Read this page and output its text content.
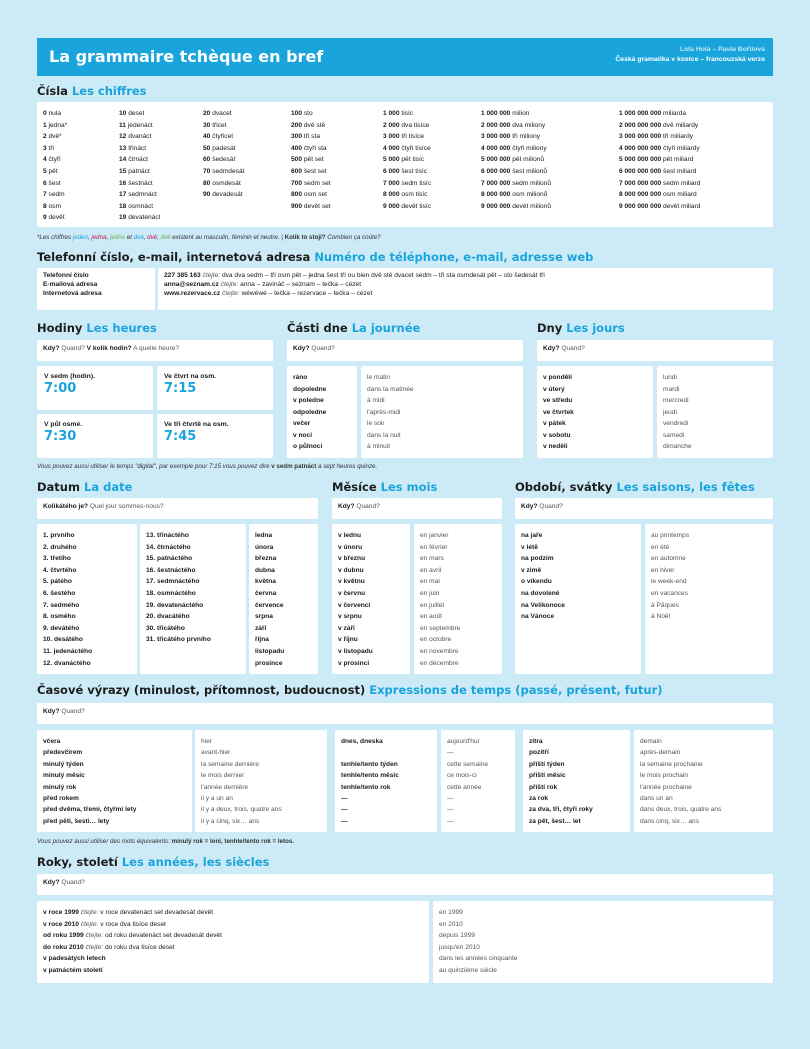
La grammaire tchèque en bref	Lida Holá – Pavla Bořilová
Česká gramatika v kostce – francouzská verze
Čísla Les chiffres
0 nula
1 jedna*
2 dvě*
3 tři
4 čtyři
5 pět
6 šest
7 sedm
8 osm
9 devět
10 deset
11 jedenáct
12 dvanáct
13 třináct
14 čtrnáct
15 patnáct
16 šestnáct
17 sedmnáct
18 osmnáct
19 devatenáct
20 dvacet
30 třicet
40 čtyřicet
50 padesát
60 šedesát
70 sedmdesát
80 osmdesát
90 devadesát
100 sto
200 dvě stě
300 tři sta
400 čtyři sta
500 pět set
600 šest set
700 sedm set
800 osm set
900 devět set
1 000 tisíc
2 000 dva tisíce
3 000 tři tisíce
4 000 čtyři tisíce
5 000 pět tisíc
6 000 šest tisíc
7 000 sedm tisíc
8 000 osm tisíc
9 000 devět tisíc
1 000 000 milion
2 000 000 dva miliony
3 000 000 tři miliony
4 000 000 čtyři miliony
5 000 000 pět milionů
6 000 000 šest milionů
7 000 000 sedm milionů
8 000 000 osm milionů
9 000 000 devět milionů
1 000 000 000 miliarda
2 000 000 000 dvě miliardy
3 000 000 000 tři miliardy
4 000 000 000 čtyři miliardy
5 000 000 000 pět miliard
6 000 000 000 šest miliard
7 000 000 000 sedm miliard
8 000 000 000 osm miliard
9 000 000 000 devět miliard
*Les chiffres jeden, jedna, jedno et dva, dvě, dvě existent au masculin, féminin et neutre. | Kolik to stojí? Combien ça coûte?
Telefonní číslo, e-mail, internetová adresa Numéro de téléphone, e-mail, adresse web
Telefonní číslo
E-mailová adresa
Internetová adresa
227 385 163 čtejte: dva dva sedm – tři osm pět – jedna šest tři ou bien dvě stě dvacet sedm – tři sta osmdesát pět – sto šedesát tři
anna@seznam.cz čtejte: anna – zavináč – seznam – tečka – cézet
www.rezervace.cz čtejte: wéwéwé – tečka – rezervace – tečka – cézet
Hodiny Les heures
Kdy? Quand? V kolik hodin? A quelle heure?
V sedm (hodin).
7:00
Ve čtvrt na osm.
7:15
V půl osmé.
7:30
Ve tři čtvrtě na osm.
7:45
Části dne La journée
Kdy? Quand?
ráno
dopoledne
v poledne
odpoledne
večer
v noci
o půlnoci
le matin
dans la matinée
à midi
l'après-midi
le soir
dans la nuit
à minuit
Dny Les jours
Kdy? Quand?
v pondělí
v úterý
ve středu
ve čtvrtek
v pátek
v sobotu
v neděli
lundi
mardi
mercredi
jeudi
vendredi
samedi
dimanche
Vous pouvez aussi utiliser le temps "digital", par exemple pour 7:15 vous pouvez dire v sedm patnáct à sept heures quinze.
Datum La date
Kolikátého je? Quel jour sommes-nous?
1. prvního
2. druhého
3. třetího
4. čtvrtého
5. pátého
6. šestého
7. sedmého
8. osmého
9. devátého
10. desátého
11. jedenáctého
12. dvanáctého
13. třináctého
14. čtrnáctého
15. patnáctého
16. šestnáctého
17. sedmnáctého
18. osmnáctého
19. devatenáctého
20. dvacátého
30. třicátého
31. třicátého prvního
ledna
února
března
dubna
května
června
července
srpna
září
října
listopadu
prosince
Měsíce Les mois
Kdy? Quand?
v lednu
v únoru
v březnu
v dubnu
v květnu
v červnu
v červenci
v srpnu
v září
v říjnu
v listopadu
v prosinci
en janvier
en février
en mars
en avril
en mai
en juin
en juillet
en août
en septembre
en octobre
en novembre
en décembre
Období, svátky Les saisons, les fêtes
Kdy? Quand?
na jaře
v létě
na podzim
v zimě
o víkendu
na dovolené
na Velikonoce
na Vánoce
au printemps
en été
en automne
en hiver
le week-end
en vacances
à Pâques
à Noël
Časové výrazy (minulost, přítomnost, budoucnost) Expressions de temps (passé, présent, futur)
Kdy? Quand?
včera
předevčírem
minulý týden
minulý měsíc
minulý rok
před rokem
před dvěma, třemi, čtyřmi lety
před pěti, šesti… lety
hier
avant-hier
la semaine dernière
le mois dernier
l'année dernière
il y a un an
il y a deux, trois, quatre ans
il y a cinq, six… ans
dnes, dneska
tenhle/tento týden
tenhle/tento měsíc
tenhle/tento rok
—
—
—
aujourd'hui
—
cette semaine
ce mois-ci
cette année
—
—
—
zítra
pozítří
příští týden
příští měsíc
příští rok
za rok
za dva, tři, čtyři roky
za pět, šest… let
demain
après-demain
la semaine prochaine
le mois prochain
l'année prochaine
dans un an
dans deux, trois, quatre ans
dans cinq, six… ans
Vous pouvez aussi utiliser des mots équivalents: minulý rok = loni, tenhle/tento rok = letos.
Roky, století Les années, les siècles
Kdy? Quand?
v roce 1999 čtejte: v roce devatenáct set devadesát devět
v roce 2010 čtejte: v roce dva tisíce deset
od roku 1999 čtejte: od roku devatenáct set devadesát devět
do roku 2010 čtejte: do roku dva tisíce deset
v padesátých letech
v patnáctém století
en 1999
en 2010
depuis 1999
jusqu'en 2010
dans les années cinquante
au quinzième siècle
